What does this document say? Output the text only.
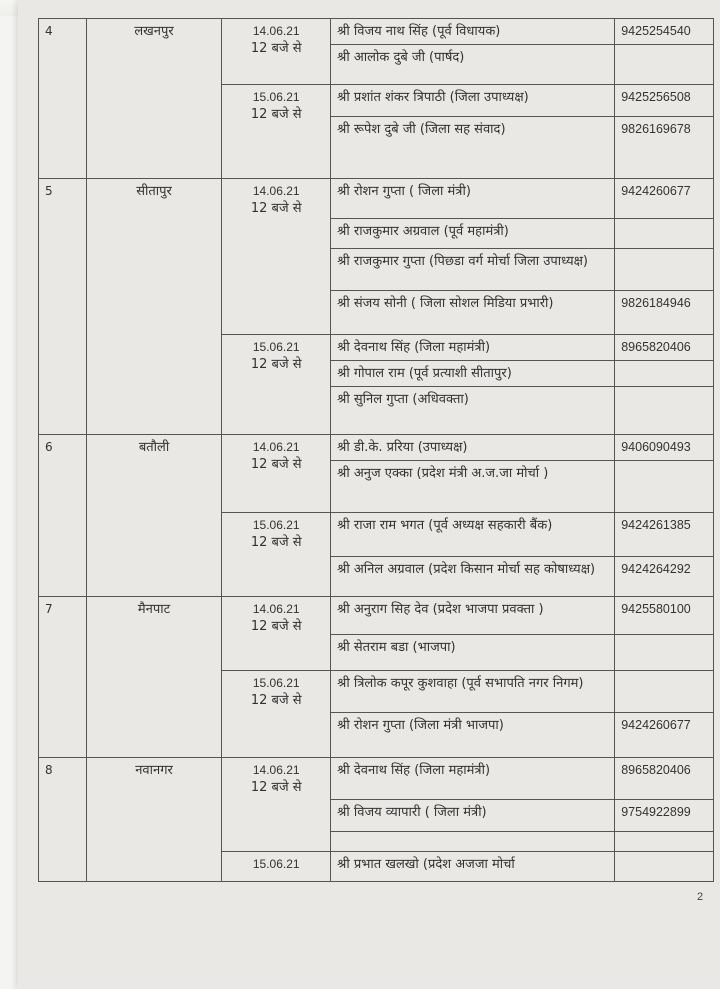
4	लखनपुर	14.06.21
12 बजे से	श्री विजय नाथ सिंह (पूर्व विधायक)	9425254540
			श्री आलोक दुबे जी (पार्षद)	

		15.06.21
12 बजे से	श्री प्रशांत शंकर त्रिपाठी (जिला उपाध्यक्ष)	9425256508
			श्री रूपेश दुबे जी (जिला सह संवाद)	9826169678
5	सीतापुर	14.06.21
12 बजे से	श्री रोशन गुप्ता ( जिला मंत्री)	9424260677
			श्री राजकुमार अग्रवाल (पूर्व महामंत्री)	
			श्री राजकुमार गुप्ता (पिछडा वर्ग मोर्चा जिला उपाध्यक्ष)	
			श्री संजय सोनी ( जिला सोशल मिडिया प्रभारी)	9826184946

		15.06.21
12 बजे से	श्री देवनाथ सिंह (जिला महामंत्री)	8965820406
			श्री गोपाल राम (पूर्व प्रत्याशी सीतापुर)	
			श्री सुनिल गुप्ता (अधिवक्ता)	
6	बतौली	14.06.21
12 बजे से	श्री डी.के. प्ररिया (उपाध्यक्ष)	9406090493
			श्री अनुज एक्का (प्रदेश मंत्री अ.ज.जा मोर्चा )	

		15.06.21
12 बजे से	श्री राजा राम भगत (पूर्व अध्यक्ष सहकारी बैंक)	9424261385
			श्री अनिल अग्रवाल (प्रदेश किसान मोर्चा सह कोषाध्यक्ष)	9424264292
7	मैनपाट	14.06.21
12 बजे से	श्री अनुराग सिह देव (प्रदेश भाजपा प्रवक्ता )	9425580100
			श्री सेतराम बडा (भाजपा)	

		15.06.21
12 बजे से	श्री त्रिलोक कपूर कुशवाहा (पूर्व सभापति नगर निगम)	
			श्री रोशन गुप्ता (जिला मंत्री भाजपा)	9424260677
8	नवानगर	14.06.21
12 बजे से	श्री देवनाथ सिंह (जिला महामंत्री)	8965820406
			श्री विजय व्यापारी ( जिला मंत्री)	9754922899

		15.06.21	श्री प्रभात खलखो (प्रदेश अजजा मोर्चा	
2
